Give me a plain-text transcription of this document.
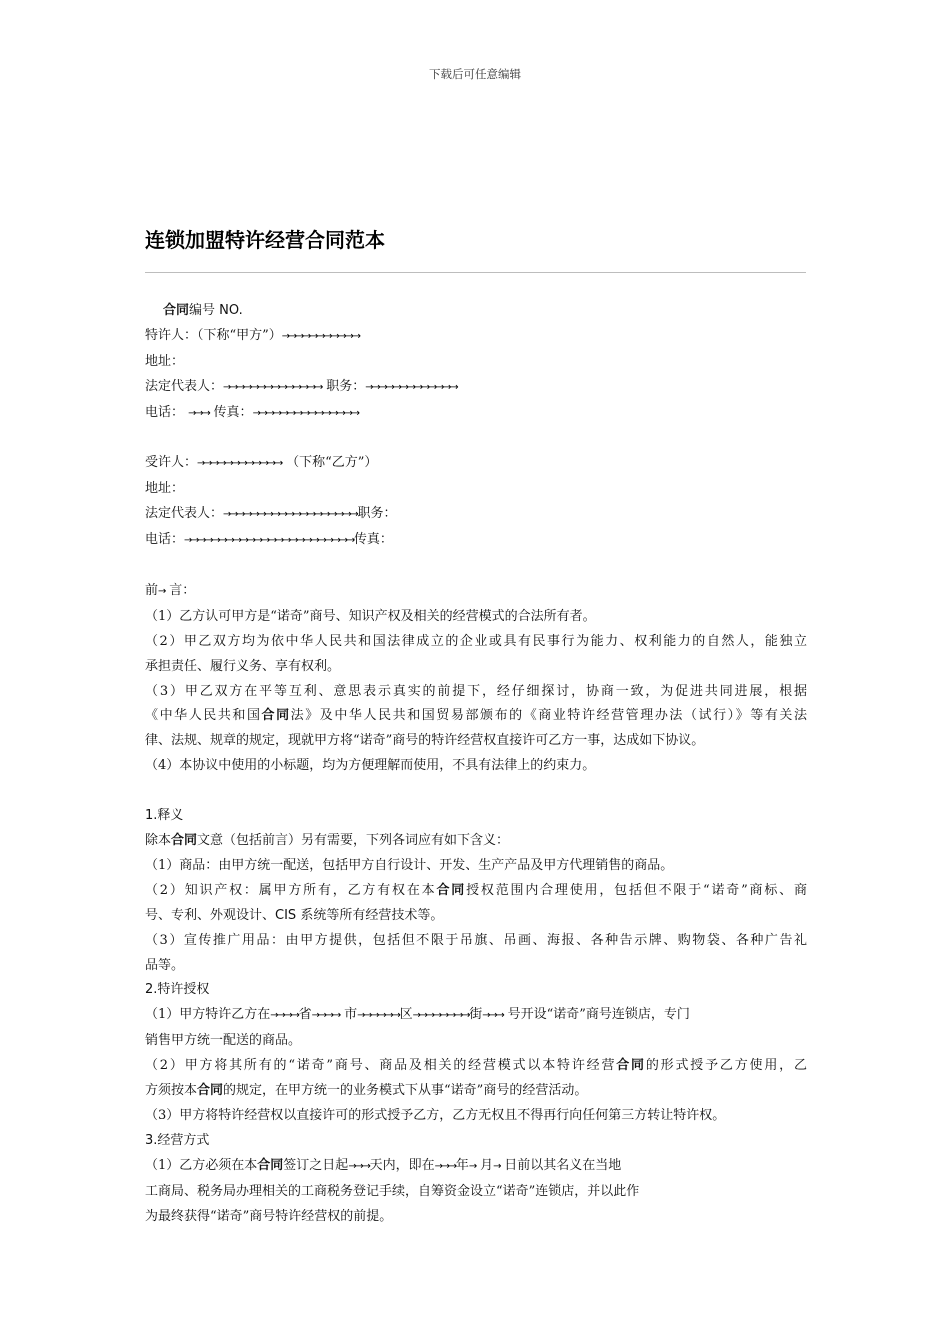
下载后可任意编辑
连锁加盟特许经营合同范本
合同编号 NO.
特许人：（下称“甲方”）→→→→→→→→→→→
地址：
法定代表人：→→→→→→→→→→→→→→ 职务：→→→→→→→→→→→→→
电话： →→→ 传真：→→→→→→→→→→→→→→→
受许人：→→→→→→→→→→→→ （下称“乙方”）
地址：
法定代表人：→→→→→→→→→→→→→→→→→→→职务：
电话：→→→→→→→→→→→→→→→→→→→→→→→→传真：
前→ 言：
（1）乙方认可甲方是“诺奇”商号、知识产权及相关的经营模式的合法所有者。
（2）甲乙双方均为依中华人民共和国法律成立的企业或具有民事行为能力、权利能力的自然人，能独立
承担责任、履行义务、享有权利。
（3）甲乙双方在平等互利、意思表示真实的前提下，经仔细探讨，协商一致，为促进共同进展，根据
《中华人民共和国合同法》及中华人民共和国贸易部颁布的《商业特许经营管理办法（试行）》等有关法
律、法规、规章的规定，现就甲方将“诺奇”商号的特许经营权直接许可乙方一事，达成如下协议。
（4）本协议中使用的小标题，均为方便理解而使用，不具有法律上的约束力。
1.释义
除本合同文意（包括前言）另有需要，下列各词应有如下含义：
（1）商品：由甲方统一配送，包括甲方自行设计、开发、生产产品及甲方代理销售的商品。
（2）知识产权：属甲方所有，乙方有权在本合同授权范围内合理使用，包括但不限于“诺奇”商标、商
号、专利、外观设计、CIS 系统等所有经营技术等。
（3）宣传推广用品：由甲方提供，包括但不限于吊旗、吊画、海报、各种告示牌、购物袋、各种广告礼
品等。
2.特许授权
（1）甲方特许乙方在→→→→省→→→→ 市→→→→→→区→→→→→→→→街→→→ 号开设“诺奇”商号连锁店，专门
销售甲方统一配送的商品。
（2）甲方将其所有的“诺奇”商号、商品及相关的经营模式以本特许经营合同的形式授予乙方使用，乙
方须按本合同的规定，在甲方统一的业务模式下从事“诺奇”商号的经营活动。
（3）甲方将特许经营权以直接许可的形式授予乙方，乙方无权且不得再行向任何第三方转让特许权。
3.经营方式
（1）乙方必须在本合同签订之日起→→→天内，即在→→→年→ 月→ 日前以其名义在当地
工商局、税务局办理相关的工商税务登记手续，自筹资金设立“诺奇”连锁店，并以此作
为最终获得“诺奇”商号特许经营权的前提。
